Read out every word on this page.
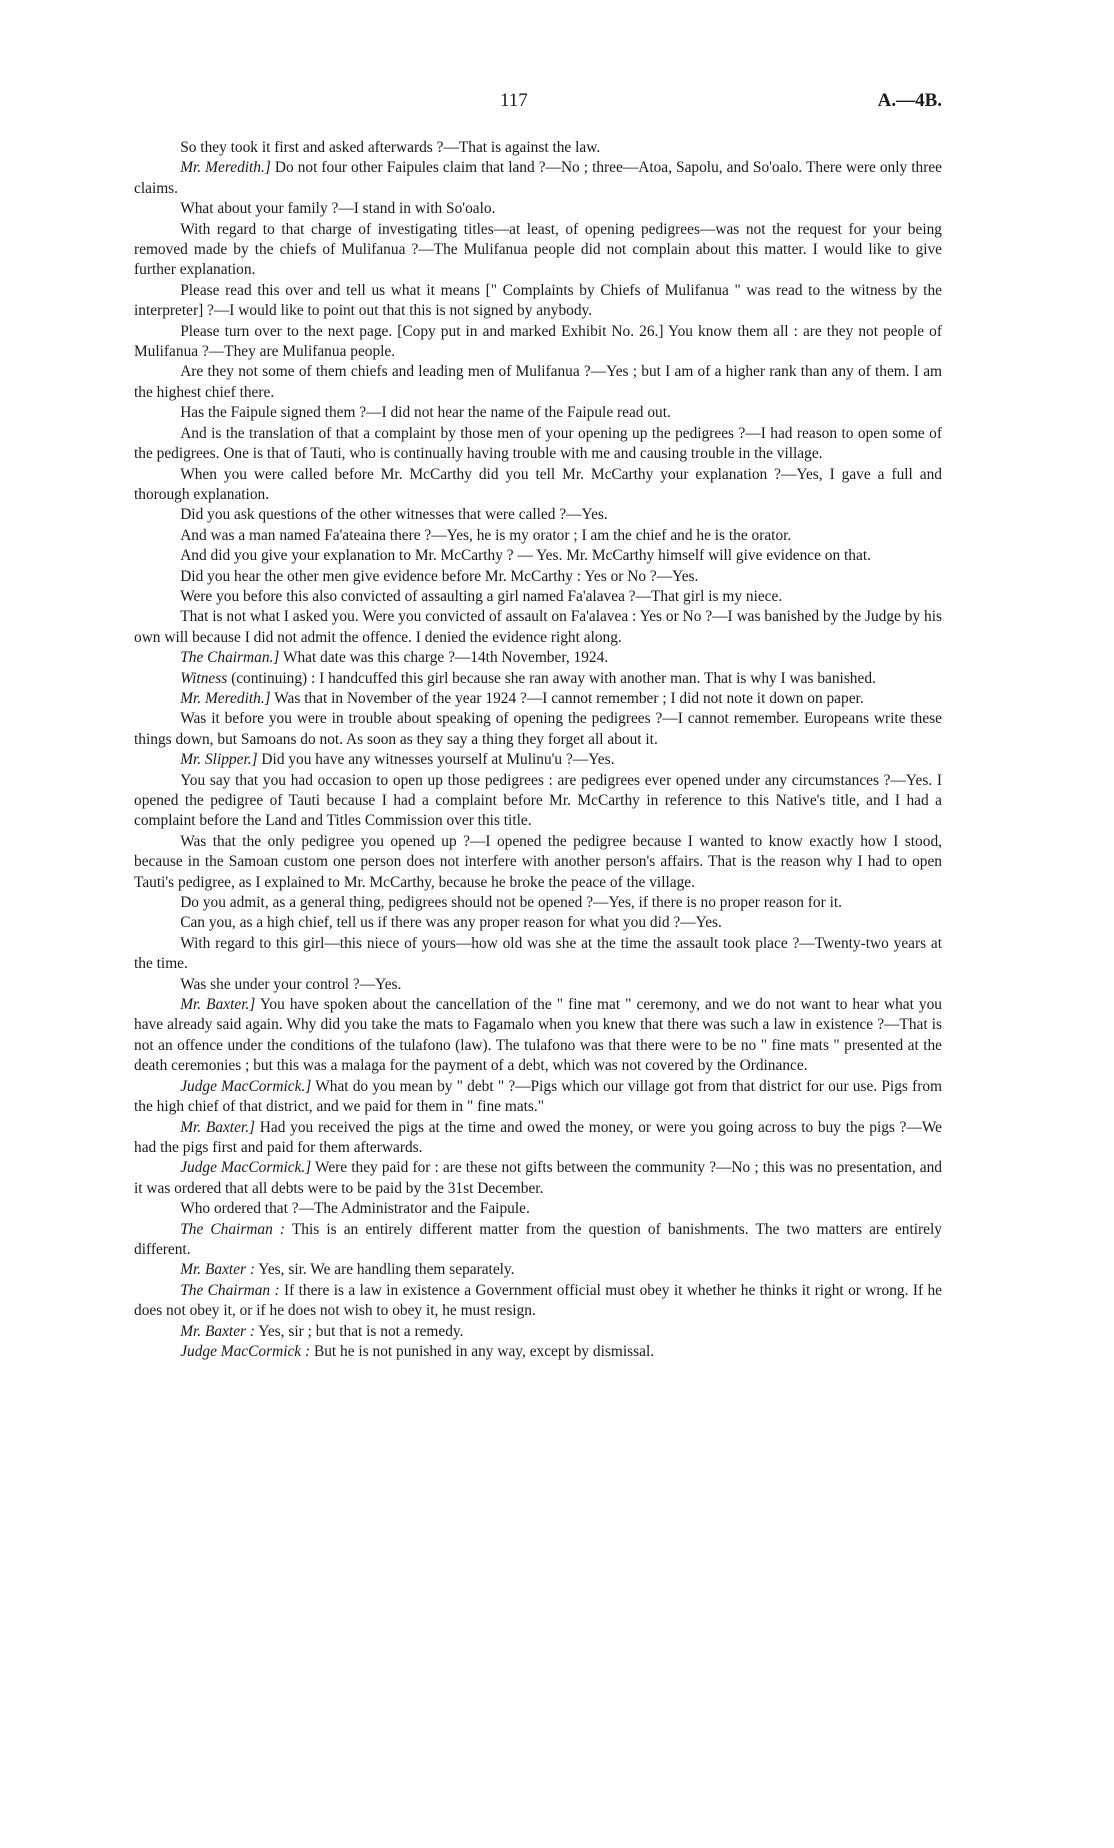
117	A.—4B.

So they took it first and asked afterwards ?—That is against the law.

Mr. Meredith.] Do not four other Faipules claim that land ?—No ; three—Atoa, Sapolu, and So'oalo. There were only three claims.

What about your family ?—I stand in with So'oalo.

With regard to that charge of investigating titles—at least, of opening pedigrees—was not the request for your being removed made by the chiefs of Mulifanua ?—The Mulifanua people did not complain about this matter. I would like to give further explanation.

Please read this over and tell us what it means [" Complaints by Chiefs of Mulifanua " was read to the witness by the interpreter] ?—I would like to point out that this is not signed by anybody.

Please turn over to the next page. [Copy put in and marked Exhibit No. 26.] You know them all : are they not people of Mulifanua ?—They are Mulifanua people.

Are they not some of them chiefs and leading men of Mulifanua ?—Yes ; but I am of a higher rank than any of them. I am the highest chief there.

Has the Faipule signed them ?—I did not hear the name of the Faipule read out.

And is the translation of that a complaint by those men of your opening up the pedigrees ?—I had reason to open some of the pedigrees. One is that of Tauti, who is continually having trouble with me and causing trouble in the village.

When you were called before Mr. McCarthy did you tell Mr. McCarthy your explanation ?—Yes, I gave a full and thorough explanation.

Did you ask questions of the other witnesses that were called ?—Yes.

And was a man named Fa'ateaina there ?—Yes, he is my orator ; I am the chief and he is the orator.

And did you give your explanation to Mr. McCarthy ? — Yes. Mr. McCarthy himself will give evidence on that.

Did you hear the other men give evidence before Mr. McCarthy : Yes or No ?—Yes.

Were you before this also convicted of assaulting a girl named Fa'alavea ?—That girl is my niece.

That is not what I asked you. Were you convicted of assault on Fa'alavea : Yes or No ?—I was banished by the Judge by his own will because I did not admit the offence. I denied the evidence right along.

The Chairman.] What date was this charge ?—14th November, 1924.

Witness (continuing) : I handcuffed this girl because she ran away with another man. That is why I was banished.

Mr. Meredith.] Was that in November of the year 1924 ?—I cannot remember ; I did not note it down on paper.

Was it before you were in trouble about speaking of opening the pedigrees ?—I cannot remember. Europeans write these things down, but Samoans do not. As soon as they say a thing they forget all about it.

Mr. Slipper.] Did you have any witnesses yourself at Mulinu'u ?—Yes.

You say that you had occasion to open up those pedigrees : are pedigrees ever opened under any circumstances ?—Yes. I opened the pedigree of Tauti because I had a complaint before Mr. McCarthy in reference to this Native's title, and I had a complaint before the Land and Titles Commission over this title.

Was that the only pedigree you opened up ?—I opened the pedigree because I wanted to know exactly how I stood, because in the Samoan custom one person does not interfere with another person's affairs. That is the reason why I had to open Tauti's pedigree, as I explained to Mr. McCarthy, because he broke the peace of the village.

Do you admit, as a general thing, pedigrees should not be opened ?—Yes, if there is no proper reason for it.

Can you, as a high chief, tell us if there was any proper reason for what you did ?—Yes.

With regard to this girl—this niece of yours—how old was she at the time the assault took place ?—Twenty-two years at the time.

Was she under your control ?—Yes.

Mr. Baxter.] You have spoken about the cancellation of the " fine mat " ceremony, and we do not want to hear what you have already said again. Why did you take the mats to Fagamalo when you knew that there was such a law in existence ?—That is not an offence under the conditions of the tulafono (law). The tulafono was that there were to be no " fine mats " presented at the death ceremonies ; but this was a malaga for the payment of a debt, which was not covered by the Ordinance.

Judge MacCormick.] What do you mean by " debt " ?—Pigs which our village got from that district for our use. Pigs from the high chief of that district, and we paid for them in " fine mats."

Mr. Baxter.] Had you received the pigs at the time and owed the money, or were you going across to buy the pigs ?—We had the pigs first and paid for them afterwards.

Judge MacCormick.] Were they paid for : are these not gifts between the community ?—No ; this was no presentation, and it was ordered that all debts were to be paid by the 31st December.

Who ordered that ?—The Administrator and the Faipule.

The Chairman : This is an entirely different matter from the question of banishments. The two matters are entirely different.

Mr. Baxter : Yes, sir. We are handling them separately.

The Chairman : If there is a law in existence a Government official must obey it whether he thinks it right or wrong. If he does not obey it, or if he does not wish to obey it, he must resign.

Mr. Baxter : Yes, sir ; but that is not a remedy.

Judge MacCormick : But he is not punished in any way, except by dismissal.
